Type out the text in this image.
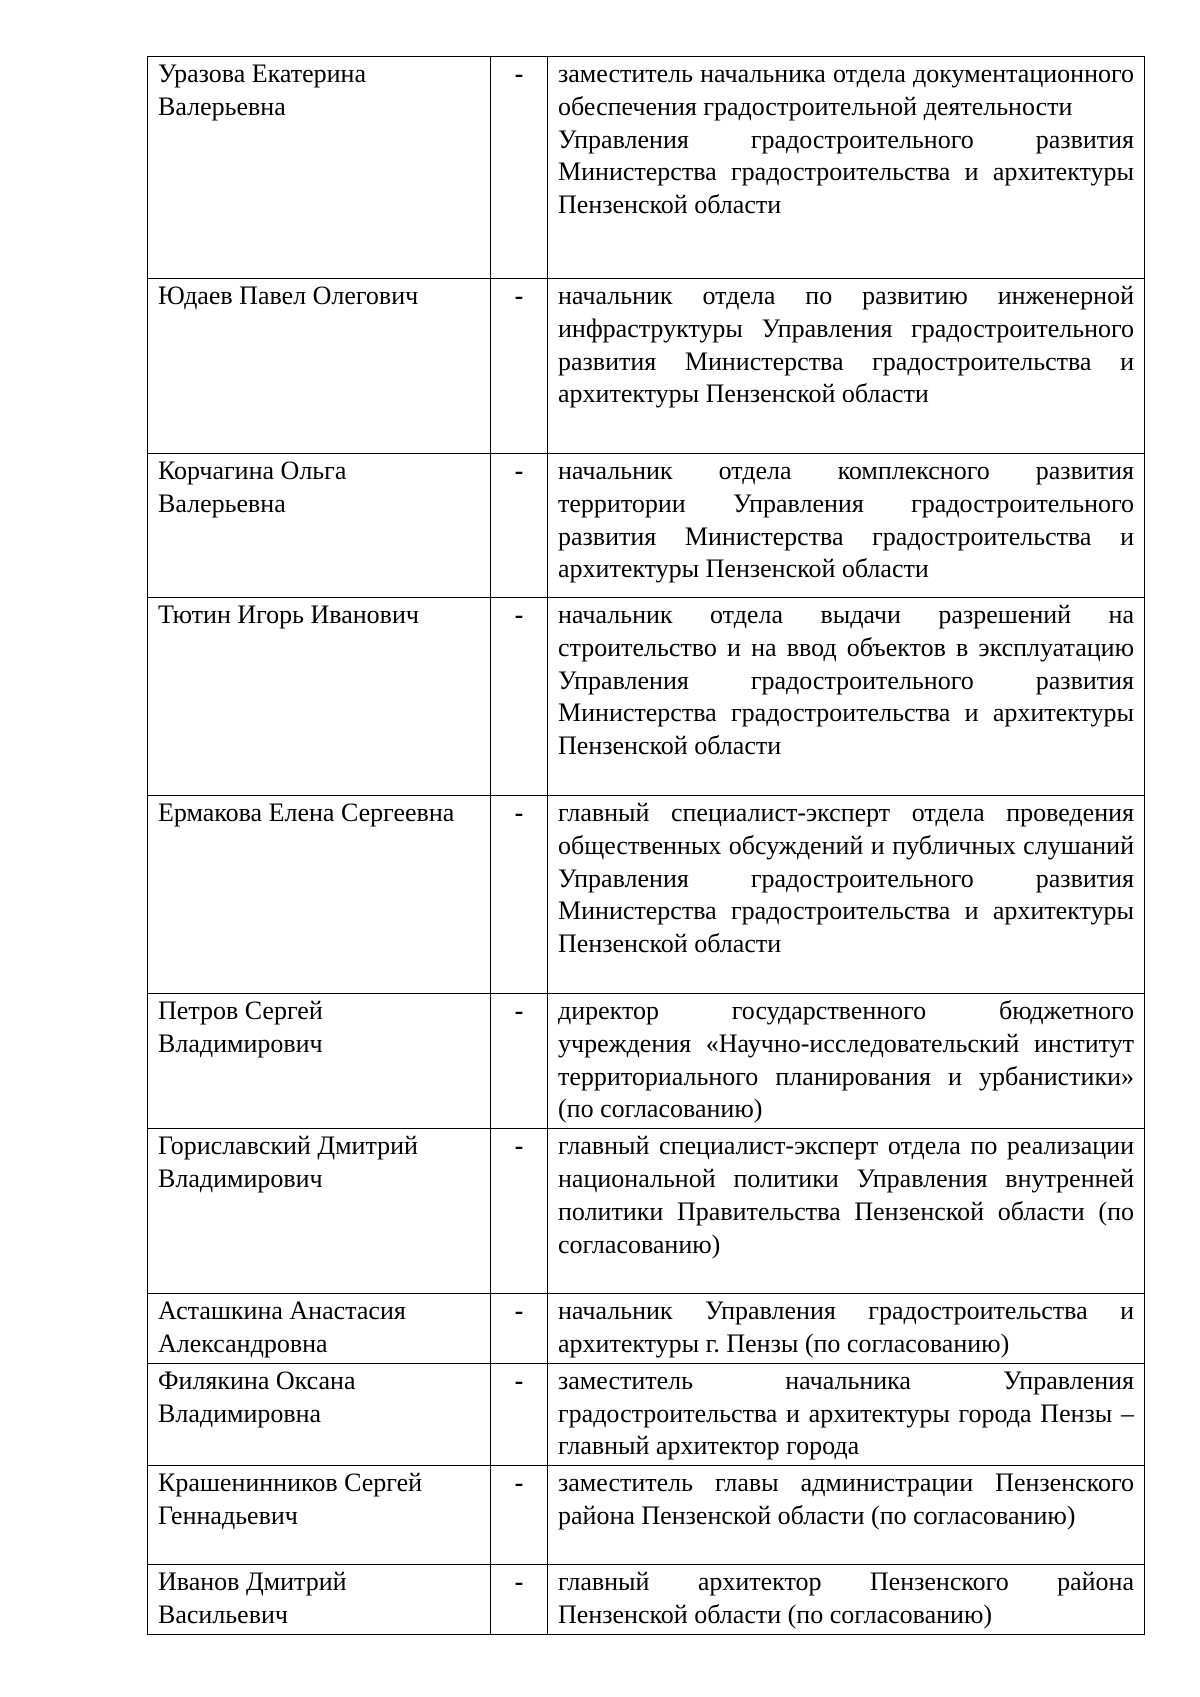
Уразова Екатерина Валерьевна	-	заместитель начальника отдела документационного обеспечения градостроительной деятельности
Управления градостроительного развития Министерства градостроительства и архитектуры Пензенской области

Юдаев Павел Олегович	-	начальник отдела по развитию инженерной инфраструктуры Управления градостроительного развития Министерства градостроительства и архитектуры Пензенской области

Корчагина Ольга Валерьевна	-	начальник отдела комплексного развития территории Управления градостроительного развития Министерства градостроительства и архитектуры Пензенской области

Тютин Игорь Иванович	-	начальник отдела выдачи разрешений на строительство и на ввод объектов в эксплуатацию Управления градостроительного развития Министерства градостроительства и архитектуры Пензенской области

Ермакова Елена Сергеевна	-	главный специалист-эксперт отдела проведения общественных обсуждений и публичных слушаний Управления градостроительного развития Министерства градостроительства и архитектуры Пензенской области

Петров Сергей Владимирович	-	директор государственного бюджетного учреждения «Научно-исследовательский институт территориального планирования и урбанистики» (по согласованию)

Гориславский Дмитрий Владимирович	-	главный специалист-эксперт отдела по реализации национальной политики Управления внутренней политики Правительства Пензенской области (по согласованию)

Асташкина Анастасия Александровна	-	начальник Управления градостроительства и архитектуры г. Пензы (по согласованию)

Филякина Оксана Владимировна	-	заместитель начальника Управления градостроительства и архитектуры города Пензы – главный архитектор города

Крашенинников Сергей Геннадьевич	-	заместитель главы администрации Пензенского района Пензенской области (по согласованию)

Иванов Дмитрий Васильевич	-	главный архитектор Пензенского района Пензенской области (по согласованию)
